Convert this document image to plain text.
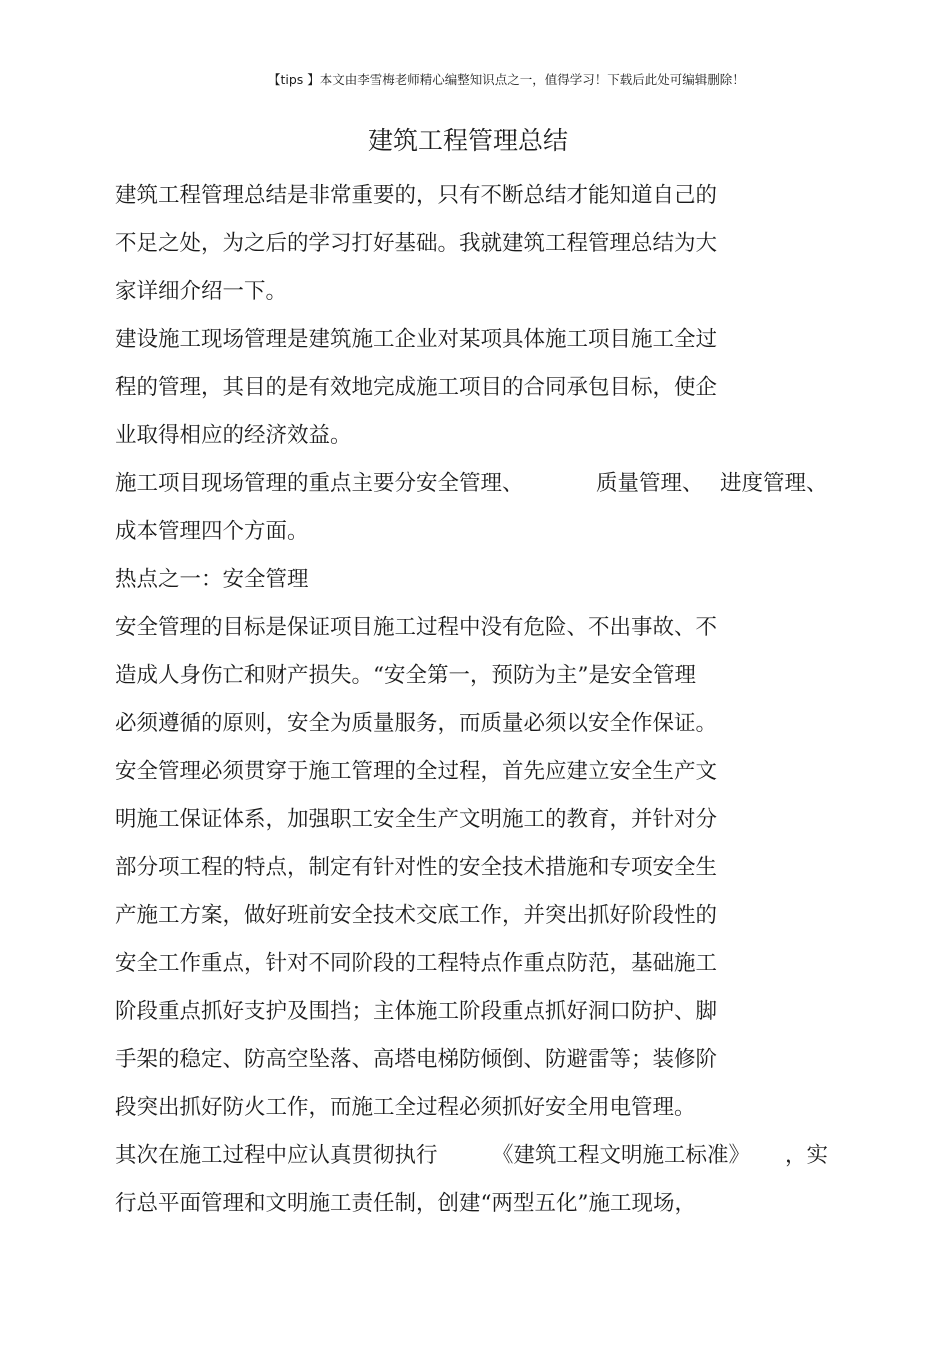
【tips 】本文由李雪梅老师精心编整知识点之一，值得学习！下载后此处可编辑删除！
建筑工程管理总结
建筑工程管理总结是非常重要的，只有不断总结才能知道自己的
不足之处，为之后的学习打好基础。我就建筑工程管理总结为大
家详细介绍一下。
建设施工现场管理是建筑施工企业对某项具体施工项目施工全过
程的管理，其目的是有效地完成施工项目的合同承包目标，使企
业取得相应的经济效益。
施工项目现场管理的重点主要分安全管理、	质量管理、 进度管理、
成本管理四个方面。
热点之一：安全管理
安全管理的目标是保证项目施工过程中没有危险、不出事故、不
造成人身伤亡和财产损失。“安全第一，预防为主”是安全管理
必须遵循的原则，安全为质量服务，而质量必须以安全作保证。
安全管理必须贯穿于施工管理的全过程，首先应建立安全生产文
明施工保证体系，加强职工安全生产文明施工的教育，并针对分
部分项工程的特点，制定有针对性的安全技术措施和专项安全生
产施工方案，做好班前安全技术交底工作，并突出抓好阶段性的
安全工作重点，针对不同阶段的工程特点作重点防范，基础施工
阶段重点抓好支护及围挡；主体施工阶段重点抓好洞口防护、脚
手架的稳定、防高空坠落、高塔电梯防倾倒、防避雷等；装修阶
段突出抓好防火工作，而施工全过程必须抓好安全用电管理。
其次在施工过程中应认真贯彻执行	《建筑工程文明施工标准》 ，实
行总平面管理和文明施工责任制，创建“两型五化”施工现场，
